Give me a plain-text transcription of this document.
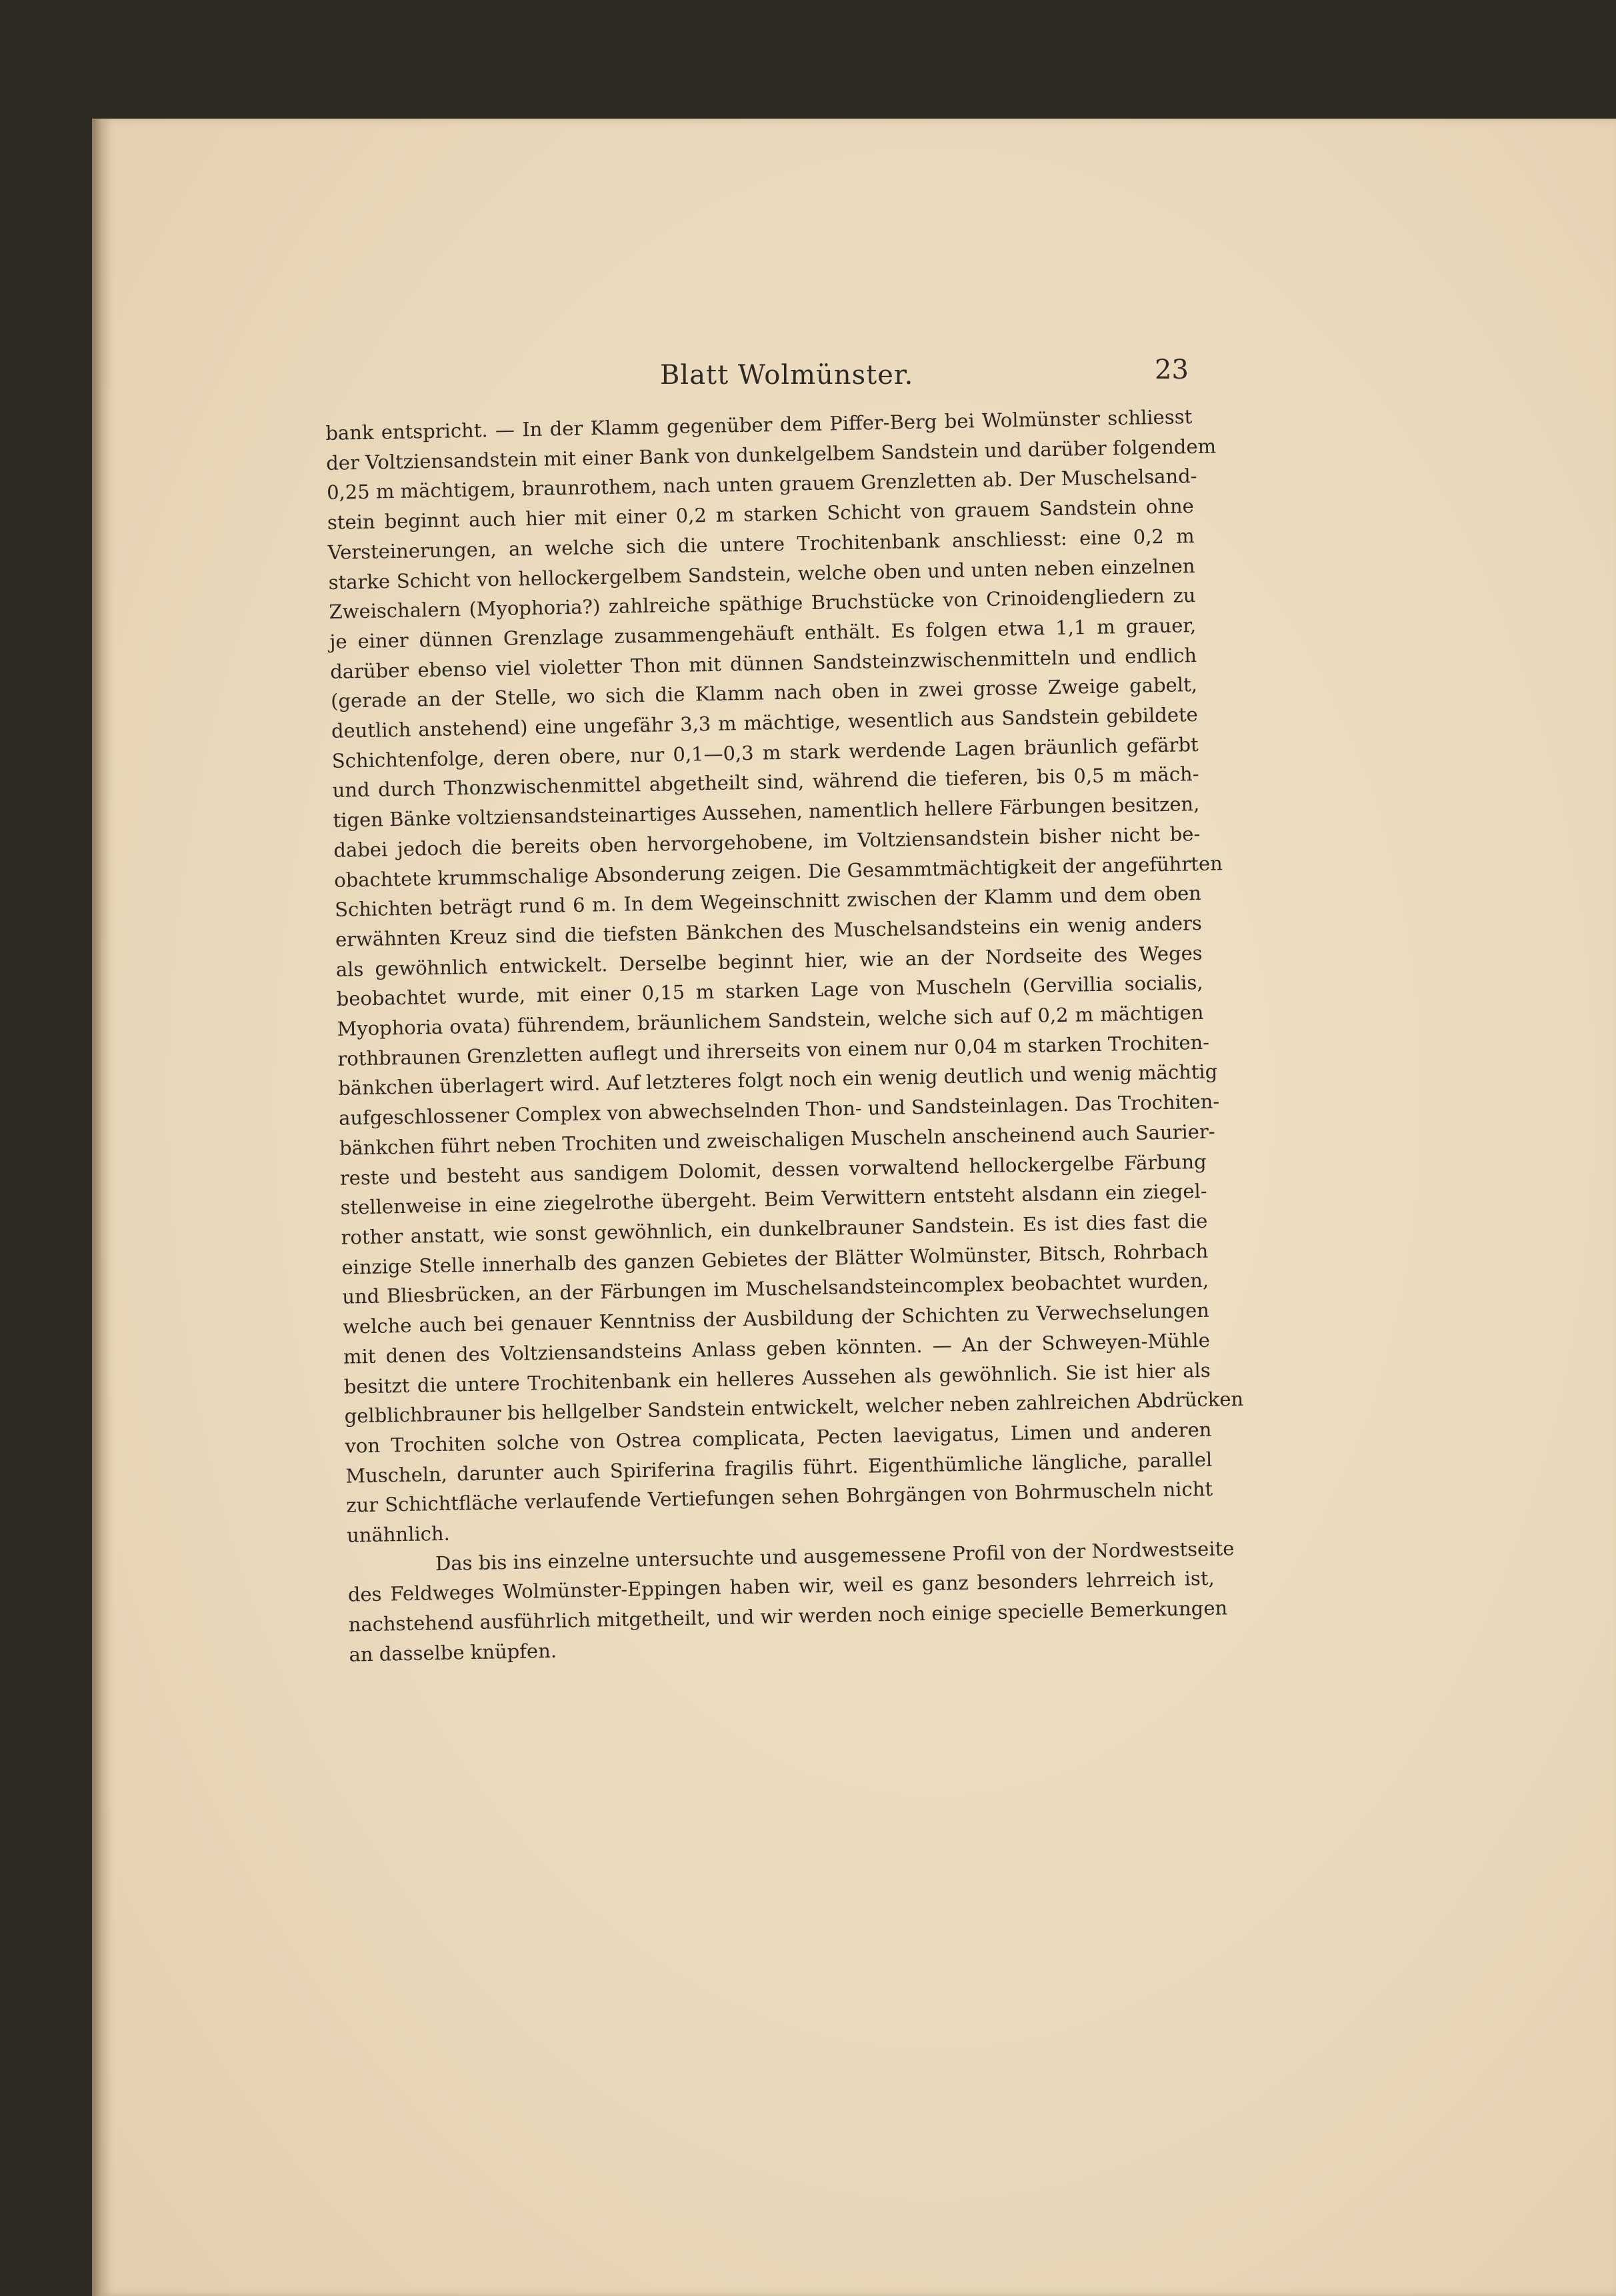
Blatt Wolmünster.	23
bank entspricht. — In der Klamm gegenüber dem Piffer-Berg bei Wolmünster schliesst
der Voltziensandstein mit einer Bank von dunkelgelbem Sandstein und darüber folgendem
0,25 m mächtigem, braunrothem, nach unten grauem Grenzletten ab. Der Muschelsand-
stein beginnt auch hier mit einer 0,2 m starken Schicht von grauem Sandstein ohne
Versteinerungen, an welche sich die untere Trochitenbank anschliesst: eine 0,2 m
starke Schicht von hellockergelbem Sandstein, welche oben und unten neben einzelnen
Zweischalern (Myophoria?) zahlreiche späthige Bruchstücke von Crinoidengliedern zu
je einer dünnen Grenzlage zusammengehäuft enthält. Es folgen etwa 1,1 m grauer,
darüber ebenso viel violetter Thon mit dünnen Sandsteinzwischenmitteln und endlich
(gerade an der Stelle, wo sich die Klamm nach oben in zwei grosse Zweige gabelt,
deutlich anstehend) eine ungefähr 3,3 m mächtige, wesentlich aus Sandstein gebildete
Schichtenfolge, deren obere, nur 0,1—0,3 m stark werdende Lagen bräunlich gefärbt
und durch Thonzwischenmittel abgetheilt sind, während die tieferen, bis 0,5 m mäch-
tigen Bänke voltziensandsteinartiges Aussehen, namentlich hellere Färbungen besitzen,
dabei jedoch die bereits oben hervorgehobene, im Voltziensandstein bisher nicht be-
obachtete krummschalige Absonderung zeigen. Die Gesammtmächtigkeit der angeführten
Schichten beträgt rund 6 m. In dem Wegeinschnitt zwischen der Klamm und dem oben
erwähnten Kreuz sind die tiefsten Bänkchen des Muschelsandsteins ein wenig anders
als gewöhnlich entwickelt. Derselbe beginnt hier, wie an der Nordseite des Weges
beobachtet wurde, mit einer 0,15 m starken Lage von Muscheln (Gervillia socialis,
Myophoria ovata) führendem, bräunlichem Sandstein, welche sich auf 0,2 m mächtigen
rothbraunen Grenzletten auflegt und ihrerseits von einem nur 0,04 m starken Trochiten-
bänkchen überlagert wird. Auf letzteres folgt noch ein wenig deutlich und wenig mächtig
aufgeschlossener Complex von abwechselnden Thon- und Sandsteinlagen. Das Trochiten-
bänkchen führt neben Trochiten und zweischaligen Muscheln anscheinend auch Saurier-
reste und besteht aus sandigem Dolomit, dessen vorwaltend hellockergelbe Färbung
stellenweise in eine ziegelrothe übergeht. Beim Verwittern entsteht alsdann ein ziegel-
rother anstatt, wie sonst gewöhnlich, ein dunkelbrauner Sandstein. Es ist dies fast die
einzige Stelle innerhalb des ganzen Gebietes der Blätter Wolmünster, Bitsch, Rohrbach
und Bliesbrücken, an der Färbungen im Muschelsandsteincomplex beobachtet wurden,
welche auch bei genauer Kenntniss der Ausbildung der Schichten zu Verwechselungen
mit denen des Voltziensandsteins Anlass geben könnten. — An der Schweyen-Mühle
besitzt die untere Trochitenbank ein helleres Aussehen als gewöhnlich. Sie ist hier als
gelblichbrauner bis hellgelber Sandstein entwickelt, welcher neben zahlreichen Abdrücken
von Trochiten solche von Ostrea complicata, Pecten laevigatus, Limen und anderen
Muscheln, darunter auch Spiriferina fragilis führt. Eigenthümliche längliche, parallel
zur Schichtfläche verlaufende Vertiefungen sehen Bohrgängen von Bohrmuscheln nicht
unähnlich.
Das bis ins einzelne untersuchte und ausgemessene Profil von der Nordwestseite
des Feldweges Wolmünster-Eppingen haben wir, weil es ganz besonders lehrreich ist,
nachstehend ausführlich mitgetheilt, und wir werden noch einige specielle Bemerkungen
an dasselbe knüpfen.
